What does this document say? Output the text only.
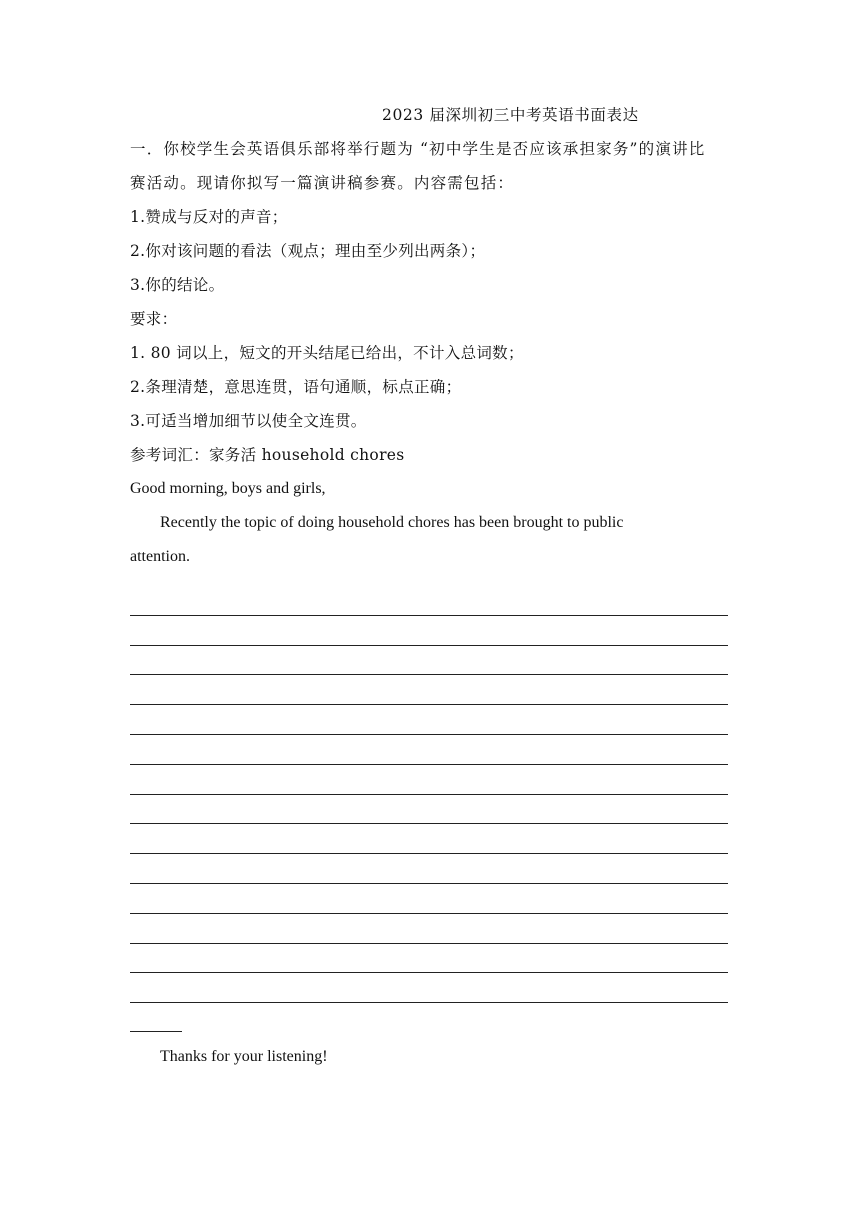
2023 届深圳初三中考英语书面表达
一．你校学生会英语俱乐部将举行题为 “初中学生是否应该承担家务”的演讲比
赛活动。现请你拟写一篇演讲稿参赛。内容需包括：
1.赞成与反对的声音；
2.你对该问题的看法（观点；理由至少列出两条）；
3.你的结论。
要求：
1. 80 词以上，短文的开头结尾已给出，不计入总词数；
2.条理清楚，意思连贯，语句通顺，标点正确；
3.可适当增加细节以使全文连贯。
参考词汇：家务活 household chores
Good morning, boys and girls,
Recently the topic of doing household chores has been brought to public
attention.
Thanks for your listening!
